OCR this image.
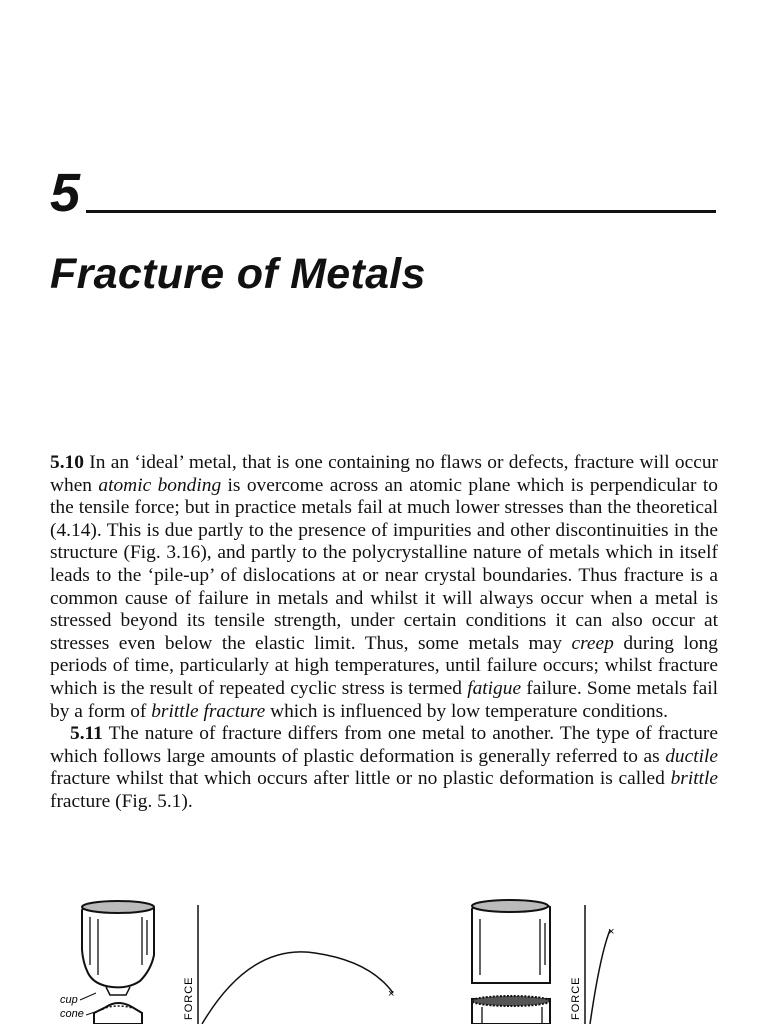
5
Fracture of Metals

5.10 In an ‘ideal’ metal, that is one containing no flaws or defects, fracture will occur when atomic bonding is overcome across an atomic plane which is perpendicular to the tensile force; but in practice metals fail at much lower stresses than the theoretical (4.14). This is due partly to the presence of impurities and other discontinuities in the structure (Fig. 3.16), and partly to the polycrystalline nature of metals which in itself leads to the ‘pile-up’ of dislocations at or near crystal boundaries. Thus fracture is a common cause of failure in metals and whilst it will always occur when a metal is stressed beyond its tensile strength, under certain conditions it can also occur at stresses even below the elastic limit. Thus, some metals may creep during long periods of time, particularly at high temperatures, until failure occurs; whilst fracture which is the result of repeated cyclic stress is termed fatigue failure. Some metals fail by a form of brittle fracture which is influenced by low temperature conditions.

5.11 The nature of fracture differs from one metal to another. The type of fracture which follows large amounts of plastic deformation is generally referred to as ductile fracture whilst that which occurs after little or no plastic deformation is called brittle fracture (Fig. 5.1).

cup
cone	FORCE	×	FORCE
×
